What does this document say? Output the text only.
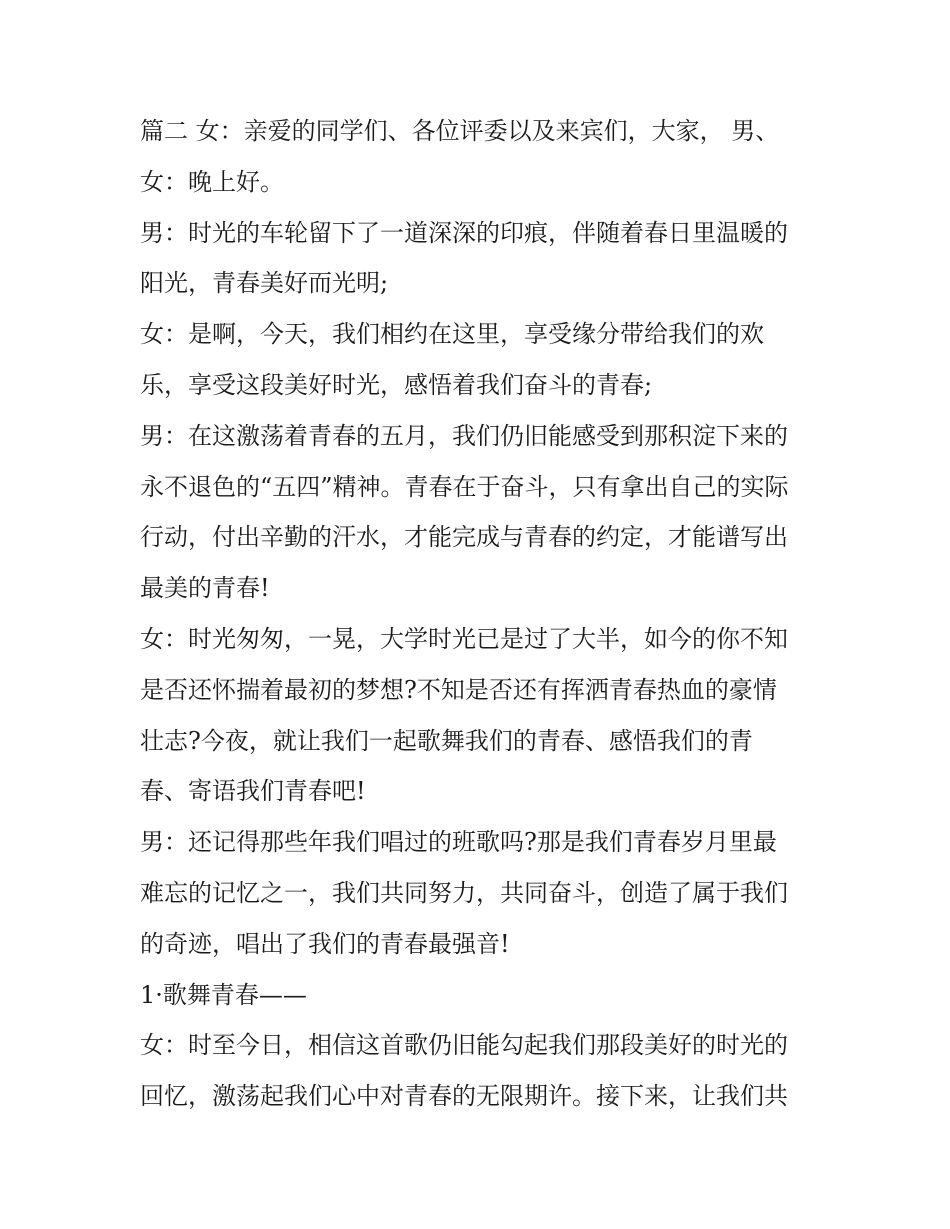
篇二 女：亲爱的同学们、各位评委以及来宾们，大家， 男、
女：晚上好。
男：时光的车轮留下了一道深深的印痕，伴随着春日里温暖的
阳光，青春美好而光明;
女：是啊，今天，我们相约在这里，享受缘分带给我们的欢
乐，享受这段美好时光，感悟着我们奋斗的青春;
男：在这激荡着青春的五月，我们仍旧能感受到那积淀下来的
永不退色的“五四”精神。青春在于奋斗，只有拿出自己的实际
行动，付出辛勤的汗水，才能完成与青春的约定，才能谱写出
最美的青春!
女：时光匆匆，一晃，大学时光已是过了大半，如今的你不知
是否还怀揣着最初的梦想?不知是否还有挥洒青春热血的豪情
壮志?今夜，就让我们一起歌舞我们的青春、感悟我们的青
春、寄语我们青春吧!
男：还记得那些年我们唱过的班歌吗?那是我们青春岁月里最
难忘的记忆之一，我们共同努力，共同奋斗，创造了属于我们
的奇迹，唱出了我们的青春最强音!
1·歌舞青春——
女：时至今日，相信这首歌仍旧能勾起我们那段美好的时光的
回忆，激荡起我们心中对青春的无限期许。接下来，让我们共
